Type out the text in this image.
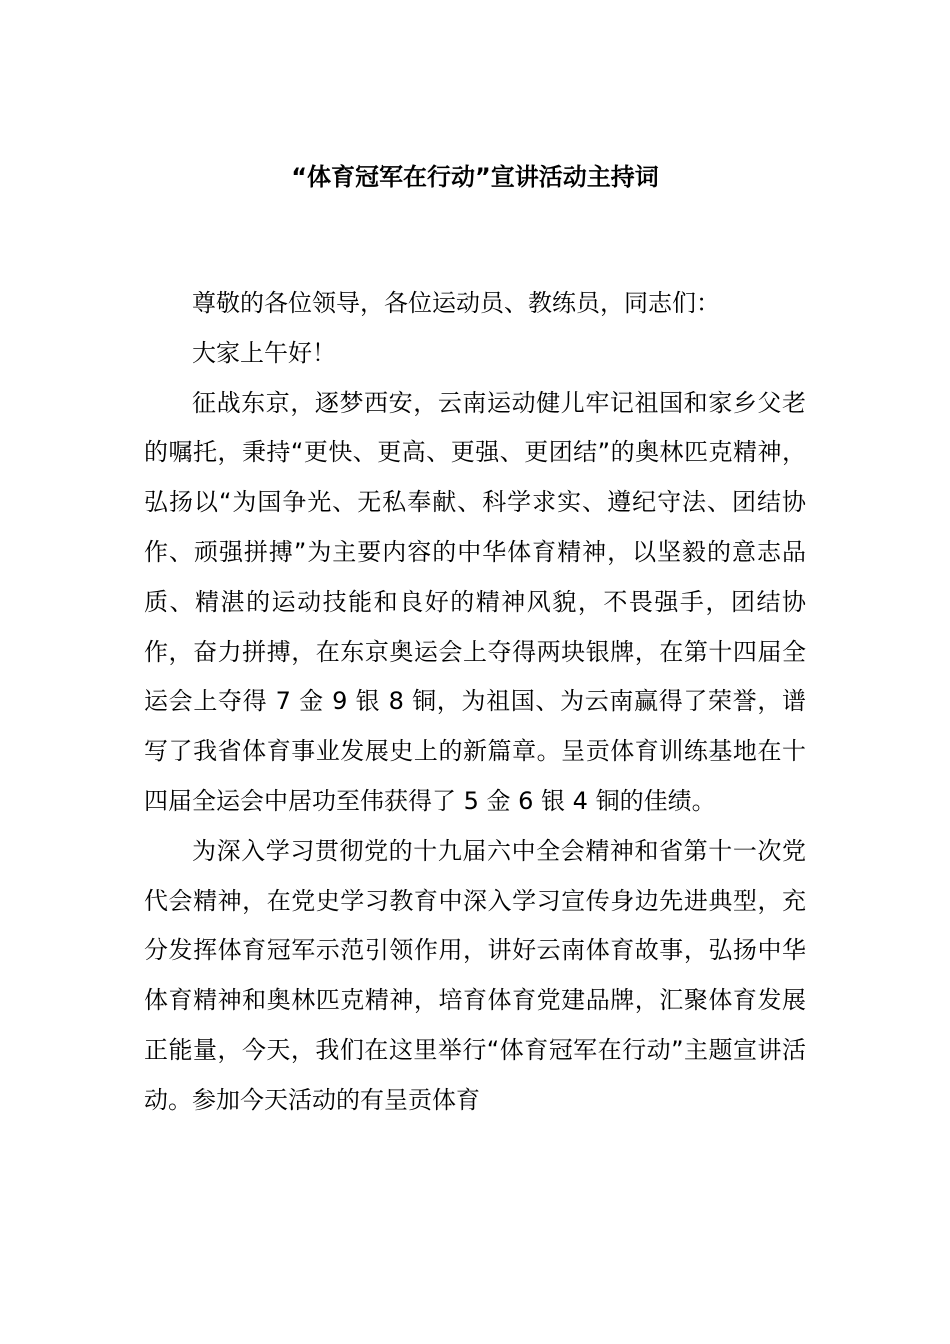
“体育冠军在行动”宣讲活动主持词

尊敬的各位领导，各位运动员、教练员，同志们：

大家上午好！

征战东京，逐梦西安，云南运动健儿牢记祖国和家乡父老的嘱托，秉持“更快、更高、更强、更团结”的奥林匹克精神，弘扬以“为国争光、无私奉献、科学求实、遵纪守法、团结协作、顽强拼搏”为主要内容的中华体育精神，以坚毅的意志品质、精湛的运动技能和良好的精神风貌，不畏强手，团结协作，奋力拼搏，在东京奥运会上夺得两块银牌，在第十四届全运会上夺得 7 金 9 银 8 铜，为祖国、为云南赢得了荣誉，谱写了我省体育事业发展史上的新篇章。呈贡体育训练基地在十四届全运会中居功至伟获得了 5 金 6 银 4 铜的佳绩。

为深入学习贯彻党的十九届六中全会精神和省第十一次党代会精神，在党史学习教育中深入学习宣传身边先进典型，充分发挥体育冠军示范引领作用，讲好云南体育故事，弘扬中华体育精神和奥林匹克精神，培育体育党建品牌，汇聚体育发展正能量，今天，我们在这里举行“体育冠军在行动”主题宣讲活动。参加今天活动的有呈贡体育
